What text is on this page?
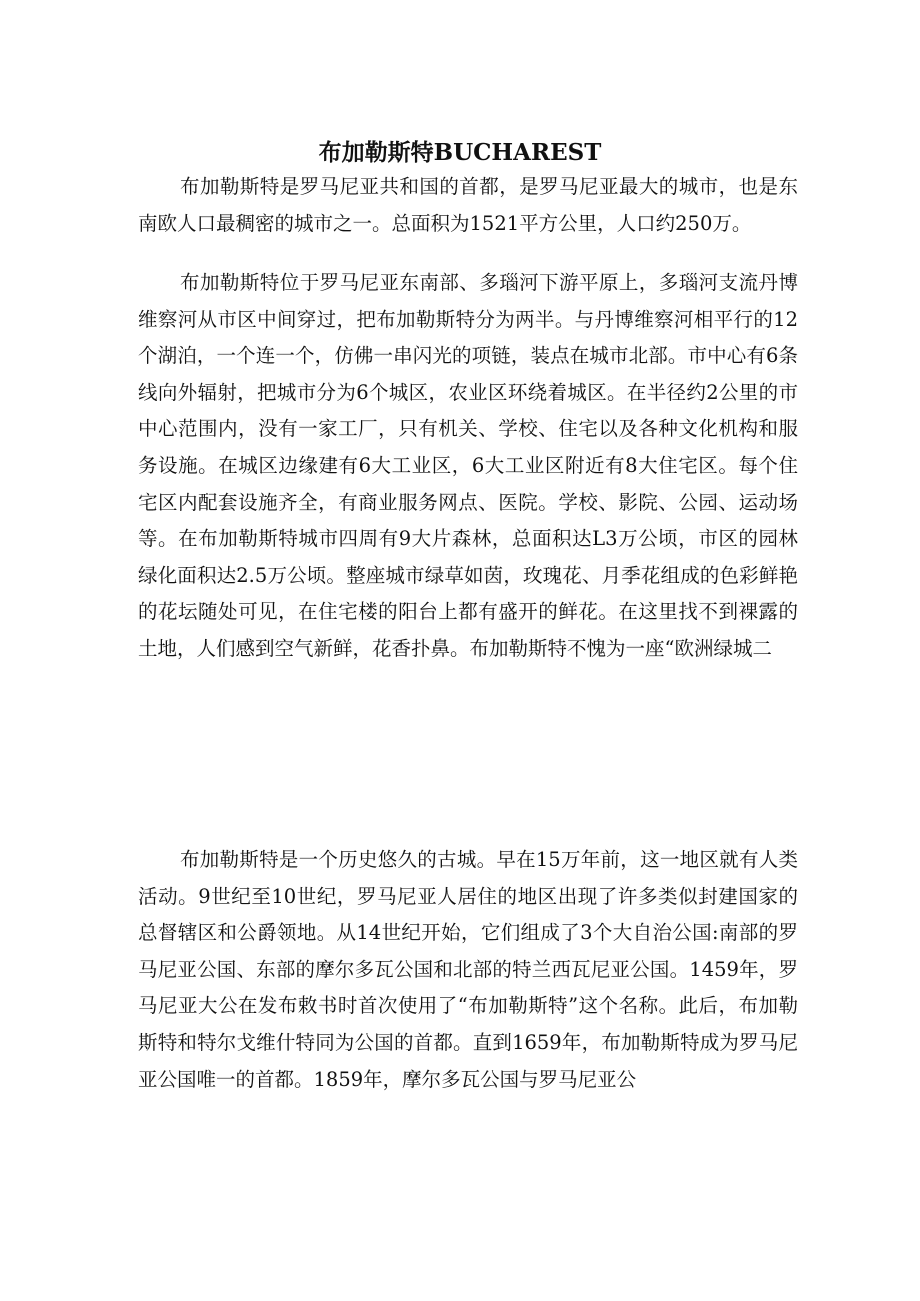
布加勒斯特BUCHAREST

布加勒斯特是罗马尼亚共和国的首都，是罗马尼亚最大的城市，也是东南欧人口最稠密的城市之一。总面积为1521平方公里，人口约250万。

布加勒斯特位于罗马尼亚东南部、多瑙河下游平原上，多瑙河支流丹博维察河从市区中间穿过，把布加勒斯特分为两半。与丹博维察河相平行的12个湖泊，一个连一个，仿佛一串闪光的项链，装点在城市北部。市中心有6条线向外辐射，把城市分为6个城区，农业区环绕着城区。在半径约2公里的市中心范围内，没有一家工厂，只有机关、学校、住宅以及各种文化机构和服务设施。在城区边缘建有6大工业区，6大工业区附近有8大住宅区。每个住宅区内配套设施齐全，有商业服务网点、医院。学校、影院、公园、运动场等。在布加勒斯特城市四周有9大片森林，总面积达L3万公顷，市区的园林绿化面积达2.5万公顷。整座城市绿草如茵，玫瑰花、月季花组成的色彩鲜艳的花坛随处可见，在住宅楼的阳台上都有盛开的鲜花。在这里找不到裸露的土地，人们感到空气新鲜，花香扑鼻。布加勒斯特不愧为一座“欧洲绿城二

布加勒斯特是一个历史悠久的古城。早在15万年前，这一地区就有人类活动。9世纪至10世纪，罗马尼亚人居住的地区出现了许多类似封建国家的总督辖区和公爵领地。从14世纪开始，它们组成了3个大自治公国:南部的罗马尼亚公国、东部的摩尔多瓦公国和北部的特兰西瓦尼亚公国。1459年，罗马尼亚大公在发布敕书时首次使用了“布加勒斯特”这个名称。此后，布加勒斯特和特尔戈维什特同为公国的首都。直到1659年，布加勒斯特成为罗马尼亚公国唯一的首都。1859年，摩尔多瓦公国与罗马尼亚公
